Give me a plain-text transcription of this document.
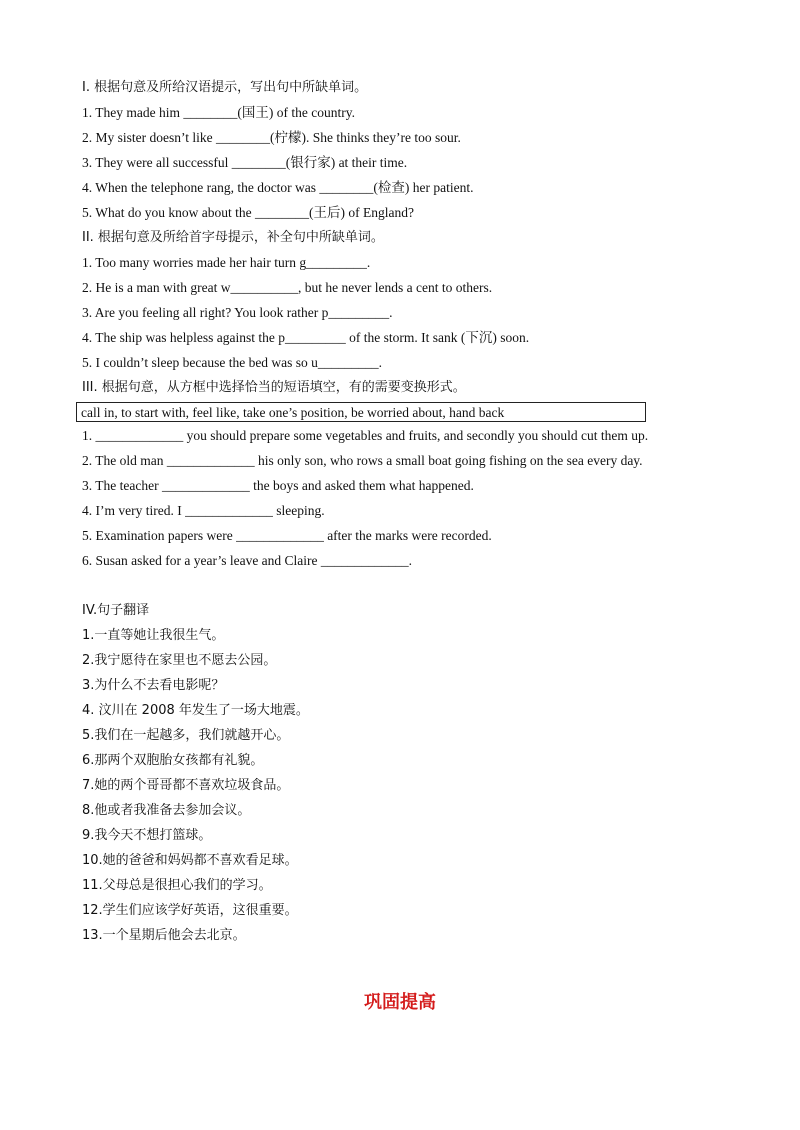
I. 根据句意及所给汉语提示，写出句中所缺单词。
1. They made him ________(国王) of the country.
2. My sister doesn’t like ________(柠檬). She thinks they’re too sour.
3. They were all successful ________(银行家) at their time.
4. When the telephone rang, the doctor was ________(检查) her patient.
5. What do you know about the ________(王后) of England?
II. 根据句意及所给首字母提示，补全句中所缺单词。
1. Too many worries made her hair turn g_________.
2. He is a man with great w__________, but he never lends a cent to others.
3. Are you feeling all right? You look rather p_________.
4. The ship was helpless against the p_________ of the storm. It sank (下沉) soon.
5. I couldn’t sleep because the bed was so u_________.
III. 根据句意，从方框中选择恰当的短语填空，有的需要变换形式。
call in, to start with, feel like, take one’s position, be worried about, hand back
1. _____________ you should prepare some vegetables and fruits, and secondly you should cut them up.
2. The old man _____________ his only son, who rows a small boat going fishing on the sea every day.
3. The teacher _____________ the boys and asked them what happened.
4. I’m very tired. I _____________ sleeping.
5. Examination papers were _____________ after the marks were recorded.
6. Susan asked for a year’s leave and Claire _____________.
IV.句子翻译
1.一直等她让我很生气。
2.我宁愿待在家里也不愿去公园。
3.为什么不去看电影呢？
4. 汶川在 2008 年发生了一场大地震。
5.我们在一起越多，我们就越开心。
6.那两个双胞胎女孩都有礼貌。
7.她的两个哥哥都不喜欢垃圾食品。
8.他或者我准备去参加会议。
9.我今天不想打篮球。
10.她的爸爸和妈妈都不喜欢看足球。
11.父母总是很担心我们的学习。
12.学生们应该学好英语，这很重要。
13.一个星期后他会去北京。
巩固提高
